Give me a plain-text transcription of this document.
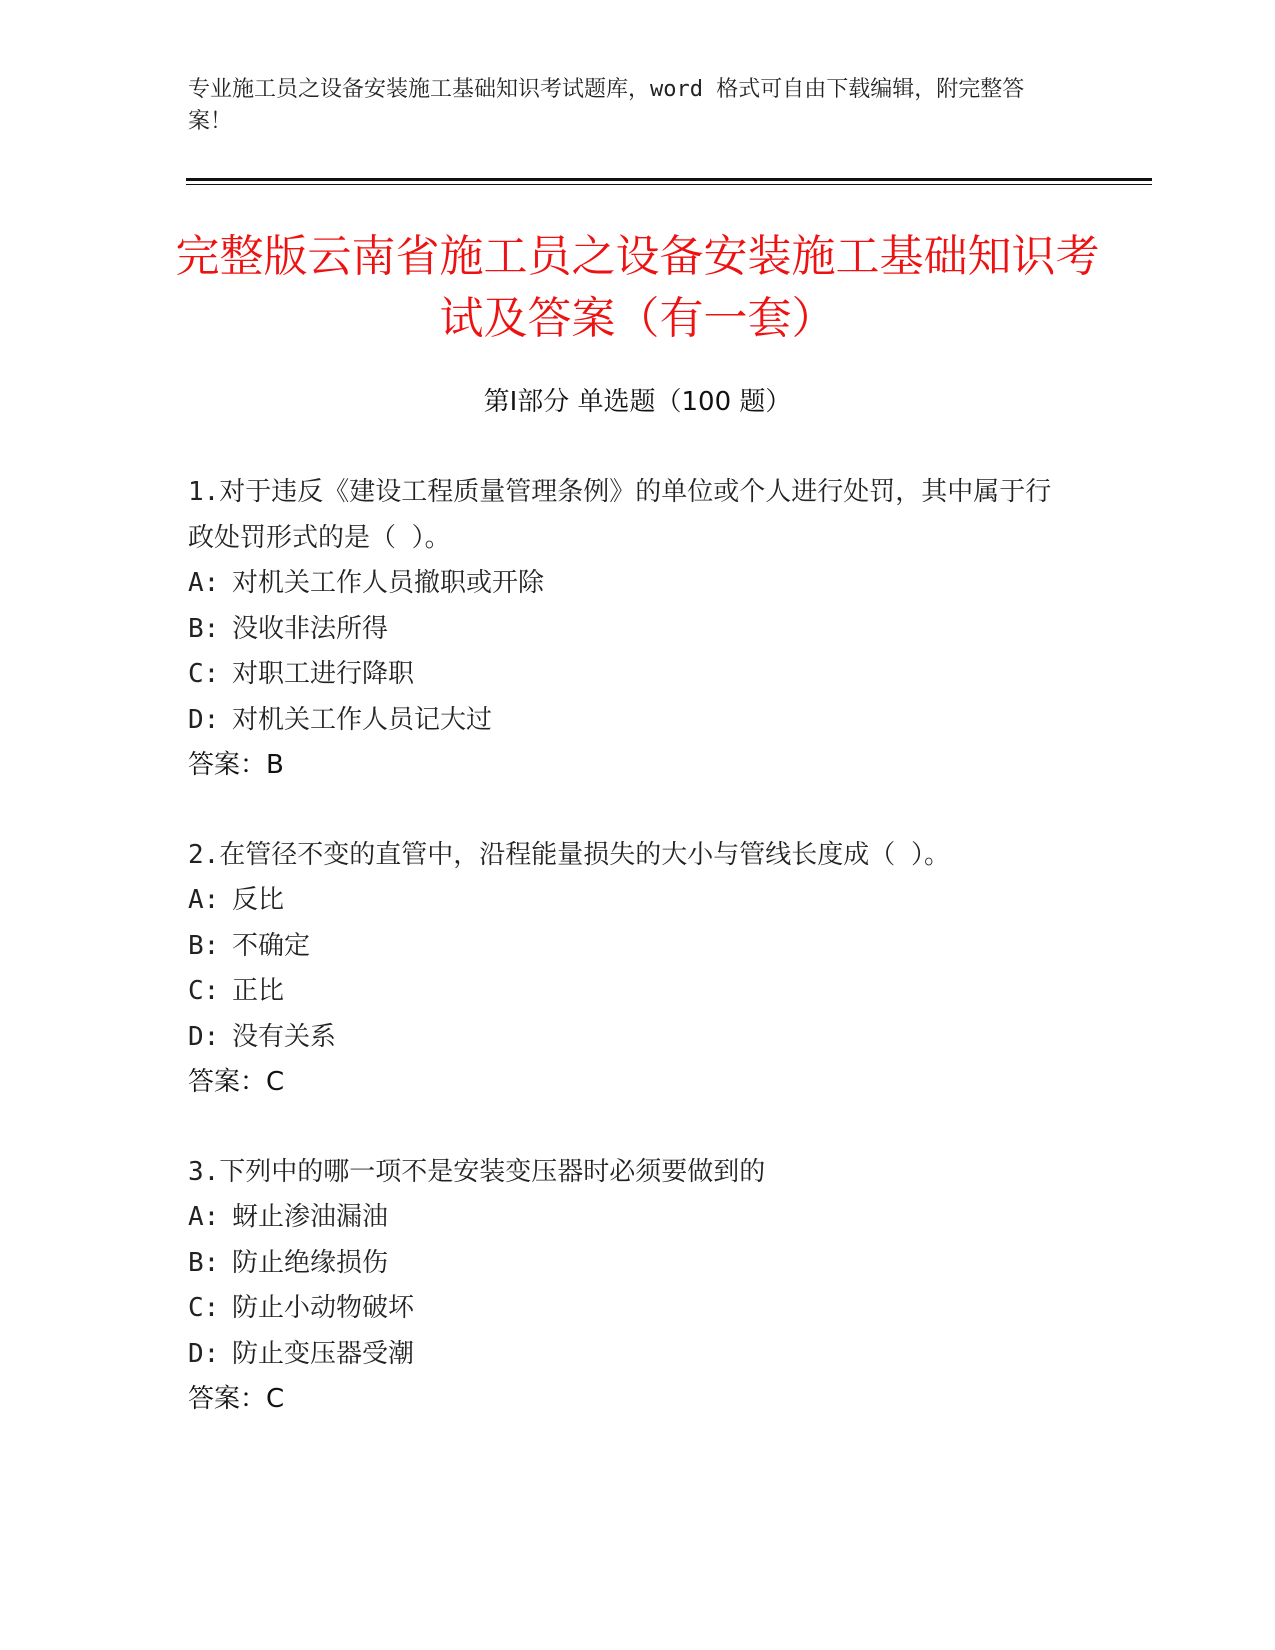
专业施工员之设备安装施工基础知识考试题库，word 格式可自由下载编辑，附完整答案！
完整版云南省施工员之设备安装施工基础知识考试及答案（有一套）
第Ⅰ部分 单选题（100 题）

1.对于违反《建设工程质量管理条例》的单位或个人进行处罚，其中属于行政处罚形式的是（ ）。

A: 对机关工作人员撤职或开除

B: 没收非法所得

C: 对职工进行降职

D: 对机关工作人员记大过

答案：B

2.在管径不变的直管中，沿程能量损失的大小与管线长度成（ ）。

A: 反比

B: 不确定

C: 正比

D: 没有关系

答案：C

3.下列中的哪一项不是安装变压器时必须要做到的

A: 蚜止渗油漏油

B: 防止绝缘损伤

C: 防止小动物破坏

D: 防止变压器受潮

答案：C
